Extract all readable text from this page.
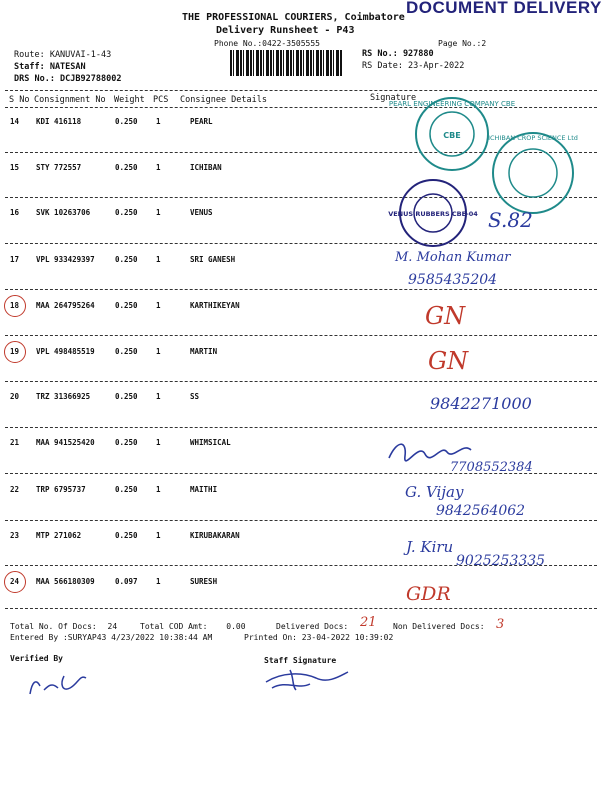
DOCUMENT DELIVERY
THE PROFESSIONAL COURIERS, Coimbatore
Delivery Runsheet - P43
Phone No.:0422-3505555	Page No.:2
Route: KANUVAI-1-43
Staff: NATESAN
DRS No.: DCJB92788002
RS No.: 927880
RS Date: 23-Apr-2022
S No Consignment No Weight PCS Consignee Details	Signature
14 KDI 416118	0.250 1	PEARL
15 STY 772557	0.250 1	ICHIBAN
16 SVK 10263706	0.250 1	VENUS
17 VPL 933429397	0.250 1	SRI GANESH
18 MAA 264795264	0.250 1	KARTHIKEYAN
19 VPL 498485519	0.250 1	MARTIN
20 TRZ 31366925	0.250 1	SS
21 MAA 941525420	0.250 1	WHIMSICAL
22 TRP 6795737	0.250 1	MAITHI
23 MTP 271062	0.250 1	KIRUBAKARAN
24 MAA 566180309	0.097 1	SURESH
CBE
PEARL ENGINEERING COMPANY CBE
ICHIBAN CROP SCIENCE Ltd
VENUS RUBBERS CBE-04 S.82
M. Mohan Kumar
9585435204
GN
GN
9842271000
7708552384
G. Vijay
9842564062
J. Kiru
9025253335
GDR
Total No. Of Docs: 24	Total COD Amt: 0.00	Delivered Docs: 21 Non Delivered Docs: 3
Entered By :SURYAP43 4/23/2022 10:38:44 AM	Printed On: 23-04-2022 10:39:02
Verified By	Staff Signature
